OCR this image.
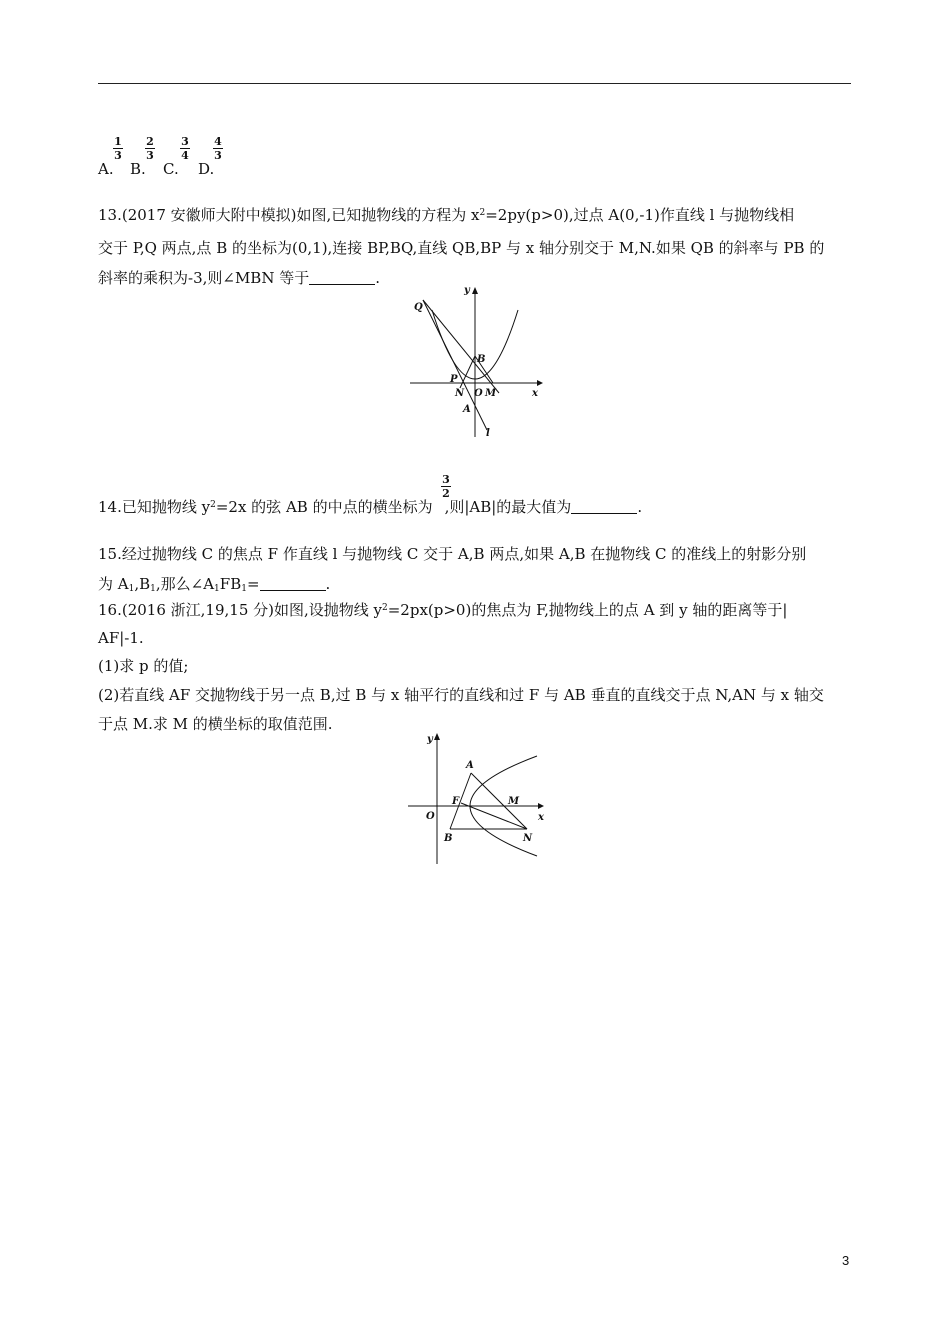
A.
1
3
B.
2
3
C.
3
4
D.
4
3
13.(2017 安徽师大附中模拟)如图,已知抛物线的方程为 $x^2=2py(p>0)$,过点 A(0,-1)作直线 l 与抛物线相
交于 P,Q 两点,点 B 的坐标为(0,1),连接 BP,BQ,直线 QB,BP 与 x 轴分别交于 M,N.如果 QB 的斜率与 PB 的
斜率的乘积为-3,则∠MBN 等于	.
Q
y
B
P
N O M	x
A
l
14.已知抛物线 $y^2=2x$ 的弦 AB 的中点的横坐标为 ,则|AB|的最大值为	.
3
2
15.经过抛物线 C 的焦点 F 作直线 l 与抛物线 C 交于 A,B 两点,如果 A,B 在抛物线 C 的准线上的射影分别
为 $A_1,B_1$,那么$\angle A_1FB_1=$	.
16.(2016 浙江,19,15 分)如图,设抛物线 $y^2=2px(p>0)$的焦点为 F,抛物线上的点 A 到 y 轴的距离等于|
AF|-1.
(1)求 p 的值;
(2)若直线 AF 交抛物线于另一点 B,过 B 与 x 轴平行的直线和过 F 与 AB 垂直的直线交于点 N,AN 与 x 轴交
于点 M.求 M 的横坐标的取值范围.
y
A
F	M
x
O
B	N
3
